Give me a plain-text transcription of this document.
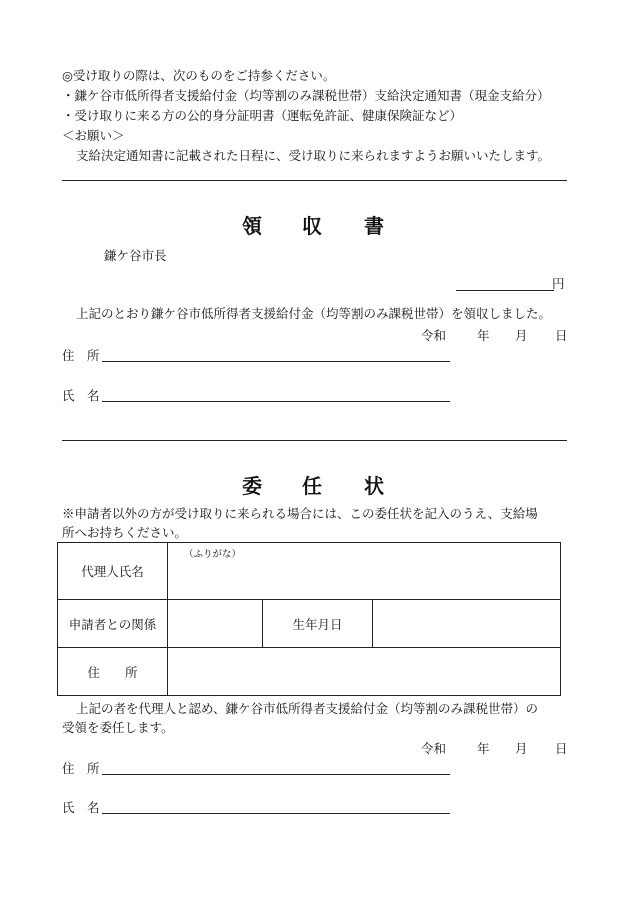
◎受け取りの際は、次のものをご持参ください。
・鎌ケ谷市低所得者支援給付金（均等割のみ課税世帯）支給決定通知書（現金支給分）
・受け取りに来る方の公的身分証明書（運転免許証、健康保険証など）
＜お願い＞
支給決定通知書に記載された日程に、受け取りに来られますようお願いいたします。
領 収 書
鎌ケ谷市長
円
上記のとおり鎌ケ谷市低所得者支援給付金（均等割のみ課税世帯）を領収しました。
令和 年 月 日
住　所
氏　名
委 任 状
※申請者以外の方が受け取りに来られる場合には、この委任状を記入のうえ、支給場
所へお持ちください。
代理人氏名	（ふりがな）		

申請者との関係		生年月日	
住　　所			
上記の者を代理人と認め、鎌ケ谷市低所得者支援給付金（均等割のみ課税世帯）の
受領を委任します。
令和 年 月 日
住　所
氏　名
